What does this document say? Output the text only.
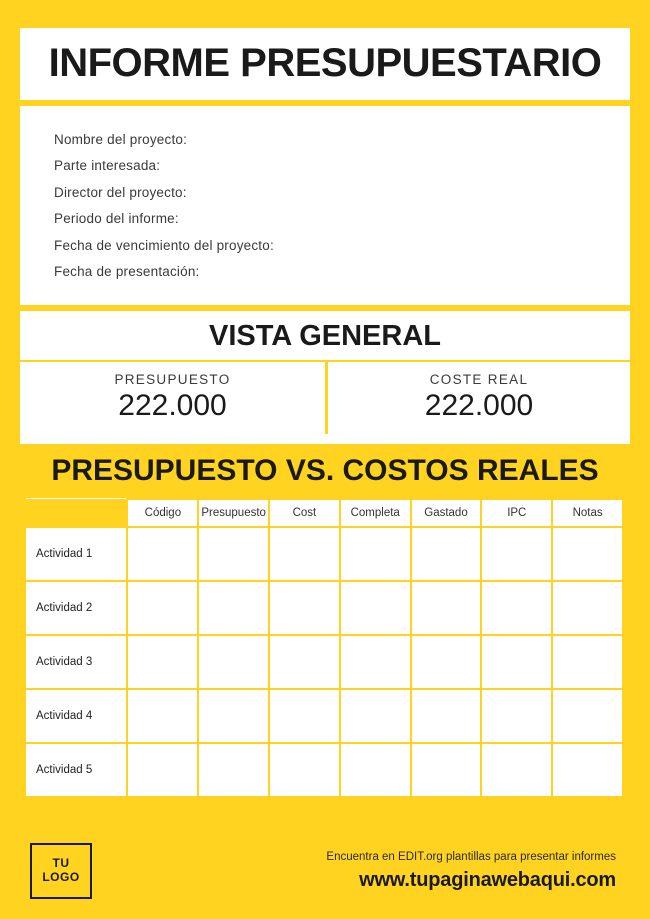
INFORME PRESUPUESTARIO
Nombre del proyecto:
Parte interesada:
Director del proyecto:
Periodo del informe:
Fecha de vencimiento del proyecto:
Fecha de presentación:
VISTA GENERAL
PRESUPUESTO
222.000
COSTE REAL
222.000
PRESUPUESTO VS. COSTOS REALES
	Código	Presupuesto	Cost	Completa	Gastado	IPC	Notas
Actividad 1							
Actividad 2							
Actividad 3							
Actividad 4							
Actividad 5							
TU
LOGO
Encuentra en EDIT.org plantillas para presentar informes
www.tupaginawebaqui.com
